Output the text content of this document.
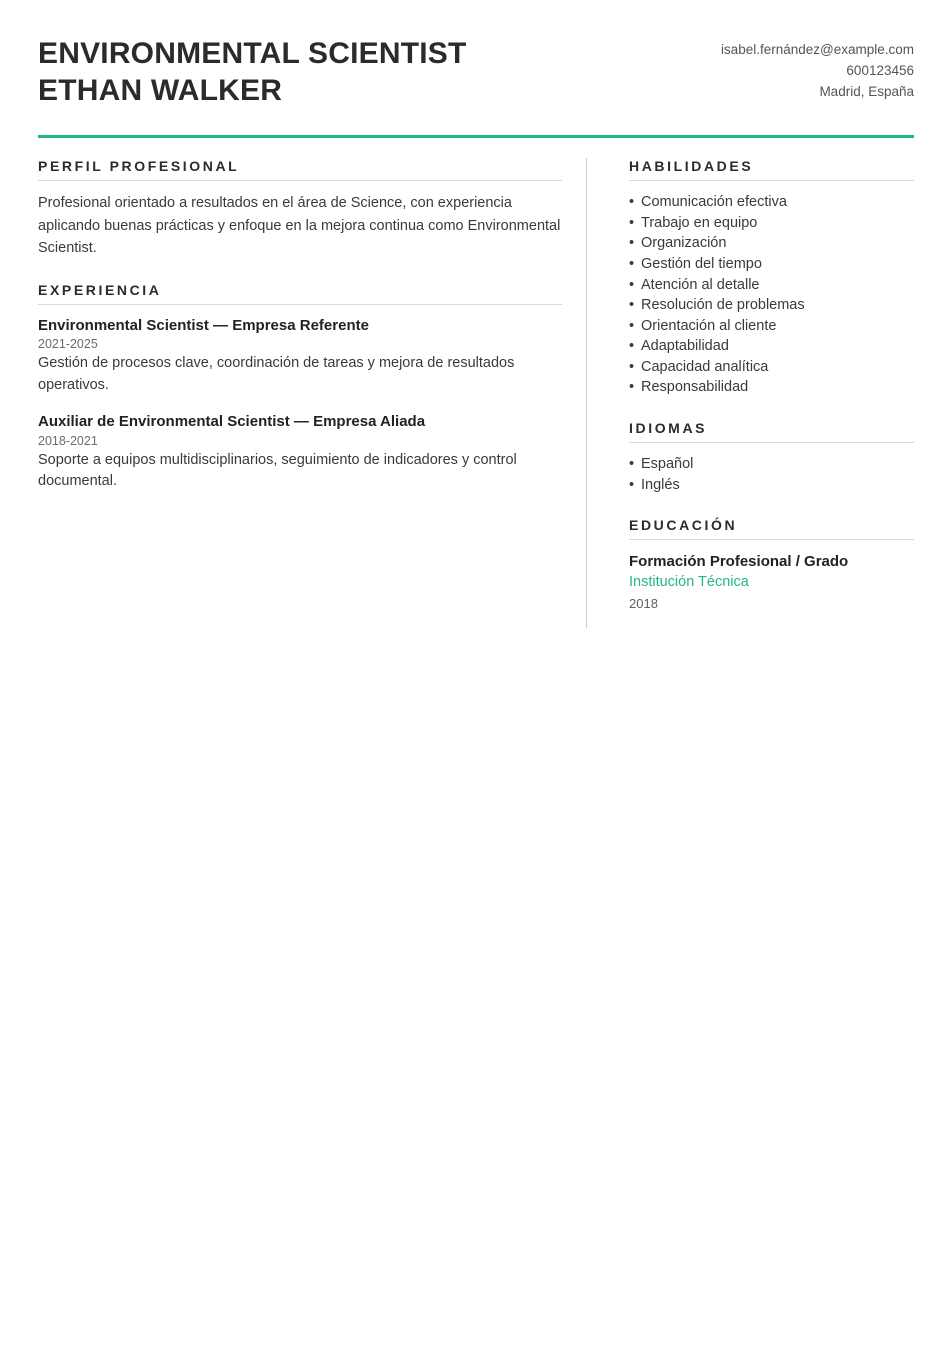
ENVIRONMENTAL SCIENTIST
ETHAN WALKER
isabel.fernández@example.com
600123456
Madrid, España
PERFIL PROFESIONAL

Profesional orientado a resultados en el área de Science, con experiencia aplicando buenas prácticas y enfoque en la mejora continua como Environmental Scientist.

EXPERIENCIA
Environmental Scientist — Empresa Referente
2021-2025
Gestión de procesos clave, coordinación de tareas y mejora de resultados operativos.
Auxiliar de Environmental Scientist — Empresa Aliada
2018-2021
Soporte a equipos multidisciplinarios, seguimiento de indicadores y control documental.
HABILIDADES
• Comunicación efectiva
• Trabajo en equipo
• Organización
• Gestión del tiempo
• Atención al detalle
• Resolución de problemas
• Orientación al cliente
• Adaptabilidad
• Capacidad analítica
• Responsabilidad
IDIOMAS
• Español
• Inglés
EDUCACIÓN
Formación Profesional / Grado
Institución Técnica
2018
